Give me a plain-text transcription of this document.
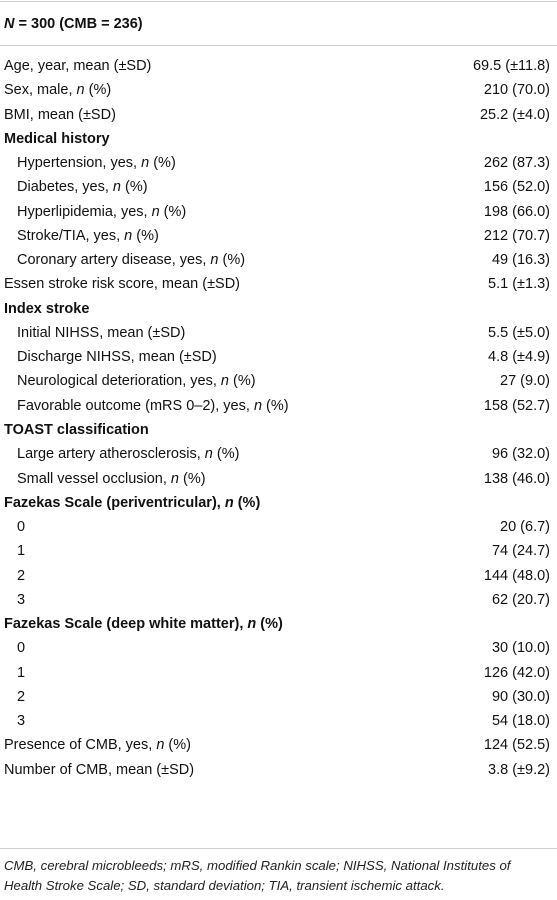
N = 300 (CMB = 236)
Age, year, mean (±SD)	69.5 (±11.8)
Sex, male, n (%)	210 (70.0)
BMI, mean (±SD)	25.2 (±4.0)
Medical history
Hypertension, yes, n (%)	262 (87.3)
Diabetes, yes, n (%)	156 (52.0)
Hyperlipidemia, yes, n (%)	198 (66.0)
Stroke/TIA, yes, n (%)	212 (70.7)
Coronary artery disease, yes, n (%)	49 (16.3)
Essen stroke risk score, mean (±SD)	5.1 (±1.3)
Index stroke
Initial NIHSS, mean (±SD)	5.5 (±5.0)
Discharge NIHSS, mean (±SD)	4.8 (±4.9)
Neurological deterioration, yes, n (%)	27 (9.0)
Favorable outcome (mRS 0–2), yes, n (%)	158 (52.7)
TOAST classification
Large artery atherosclerosis, n (%)	96 (32.0)
Small vessel occlusion, n (%)	138 (46.0)
Fazekas Scale (periventricular), n (%)
0	20 (6.7)
1	74 (24.7)
2	144 (48.0)
3	62 (20.7)
Fazekas Scale (deep white matter), n (%)
0	30 (10.0)
1	126 (42.0)
2	90 (30.0)
3	54 (18.0)
Presence of CMB, yes, n (%)	124 (52.5)
Number of CMB, mean (±SD)	3.8 (±9.2)
CMB, cerebral microbleeds; mRS, modified Rankin scale; NIHSS, National Institutes of Health Stroke Scale; SD, standard deviation; TIA, transient ischemic attack.
